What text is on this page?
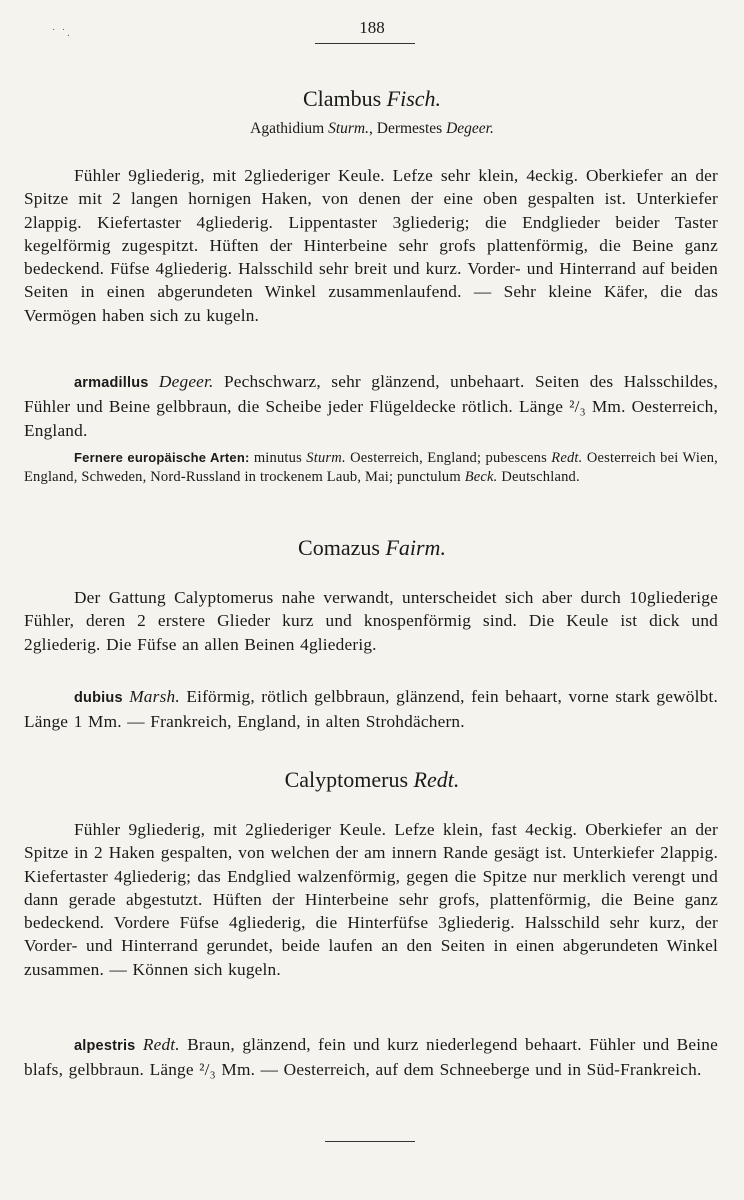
˙ ˙.	188
Clambus Fisch.
Agathidium Sturm., Dermestes Degeer.
Fühler 9gliederig, mit 2gliederiger Keule. Lefze sehr klein, 4eckig. Oberkiefer an der Spitze mit 2 langen hornigen Haken, von denen der eine oben gespalten ist. Unterkiefer 2lappig. Kiefertaster 4gliederig. Lippentaster 3gliederig; die Endglieder beider Taster kegelförmig zugespitzt. Hüften der Hinterbeine sehr grofs plattenförmig, die Beine ganz bedeckend. Füfse 4gliederig. Halsschild sehr breit und kurz. Vorder- und Hinterrand auf beiden Seiten in einen abgerundeten Winkel zusammenlaufend. — Sehr kleine Käfer, die das Vermögen haben sich zu kugeln.
armadillus Degeer. Pechschwarz, sehr glänzend, unbehaart. Seiten des Halsschildes, Fühler und Beine gelbbraun, die Scheibe jeder Flügeldecke rötlich. Länge ²/₃ Mm. Oesterreich, England.
Fernere europäische Arten: minutus Sturm. Oesterreich, England; pubescens Redt. Oesterreich bei Wien, England, Schweden, Nord-Russland in trockenem Laub, Mai; punctulum Beck. Deutschland.
Comazus Fairm.
Der Gattung Calyptomerus nahe verwandt, unterscheidet sich aber durch 10gliederige Fühler, deren 2 erstere Glieder kurz und knospenförmig sind. Die Keule ist dick und 2gliederig. Die Füfse an allen Beinen 4gliederig.
dubius Marsh. Eiförmig, rötlich gelbbraun, glänzend, fein behaart, vorne stark gewölbt. Länge 1 Mm. — Frankreich, England, in alten Strohdächern.
Calyptomerus Redt.
Fühler 9gliederig, mit 2gliederiger Keule. Lefze klein, fast 4eckig. Oberkiefer an der Spitze in 2 Haken gespalten, von welchen der am innern Rande gesägt ist. Unterkiefer 2lappig. Kiefertaster 4gliederig; das Endglied walzenförmig, gegen die Spitze nur merklich verengt und dann gerade abgestutzt. Hüften der Hinterbeine sehr grofs, plattenförmig, die Beine ganz bedeckend. Vordere Füfse 4gliederig, die Hinterfüfse 3gliederig. Halsschild sehr kurz, der Vorder- und Hinterrand gerundet, beide laufen an den Seiten in einen abgerundeten Winkel zusammen. — Können sich kugeln.
alpestris Redt. Braun, glänzend, fein und kurz niederlegend behaart. Fühler und Beine blafs, gelbbraun. Länge ²/₃ Mm. — Oesterreich, auf dem Schneeberge und in Süd-Frankreich.
